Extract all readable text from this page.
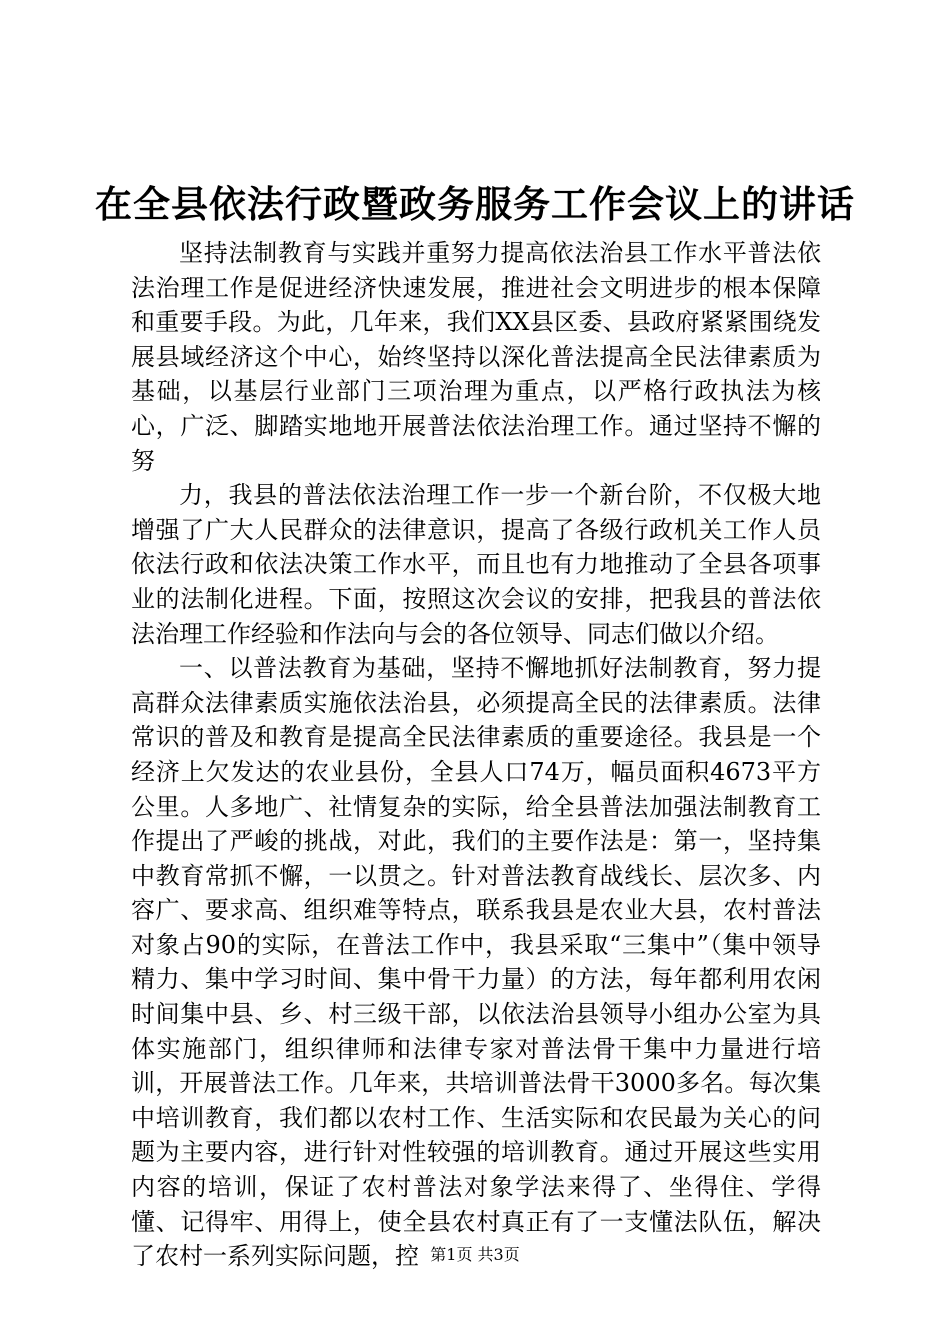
在全县依法行政暨政务服务工作会议上的讲话

坚持法制教育与实践并重努力提高依法治县工作水平普法依法治理工作是促进经济快速发展，推进社会文明进步的根本保障和重要手段。为此，几年来，我们XX县区委、县政府紧紧围绕发展县域经济这个中心，始终坚持以深化普法提高全民法律素质为基础，以基层行业部门三项治理为重点，以严格行政执法为核心，广泛、脚踏实地地开展普法依法治理工作。通过坚持不懈的努

力，我县的普法依法治理工作一步一个新台阶，不仅极大地增强了广大人民群众的法律意识，提高了各级行政机关工作人员依法行政和依法决策工作水平，而且也有力地推动了全县各项事业的法制化进程。下面，按照这次会议的安排，把我县的普法依法治理工作经验和作法向与会的各位领导、同志们做以介绍。

一、以普法教育为基础，坚持不懈地抓好法制教育，努力提高群众法律素质实施依法治县，必须提高全民的法律素质。法律常识的普及和教育是提高全民法律素质的重要途径。我县是一个经济上欠发达的农业县份，全县人口74万，幅员面积4673平方公里。人多地广、社情复杂的实际，给全县普法加强法制教育工作提出了严峻的挑战，对此，我们的主要作法是：第一，坚持集中教育常抓不懈，一以贯之。针对普法教育战线长、层次多、内容广、要求高、组织难等特点，联系我县是农业大县，农村普法对象占90的实际，在普法工作中，我县采取“三集中”（集中领导精力、集中学习时间、集中骨干力量）的方法，每年都利用农闲时间集中县、乡、村三级干部，以依法治县领导小组办公室为具体实施部门，组织律师和法律专家对普法骨干集中力量进行培训，开展普法工作。几年来，共培训普法骨干3000多名。每次集中培训教育，我们都以农村工作、生活实际和农民最为关心的问题为主要内容，进行针对性较强的培训教育。通过开展这些实用内容的培训，保证了农村普法对象学法来得了、坐得住、学得懂、记得牢、用得上，使全县农村真正有了一支懂法队伍，解决了农村一系列实际问题，控 第1页 共3页
